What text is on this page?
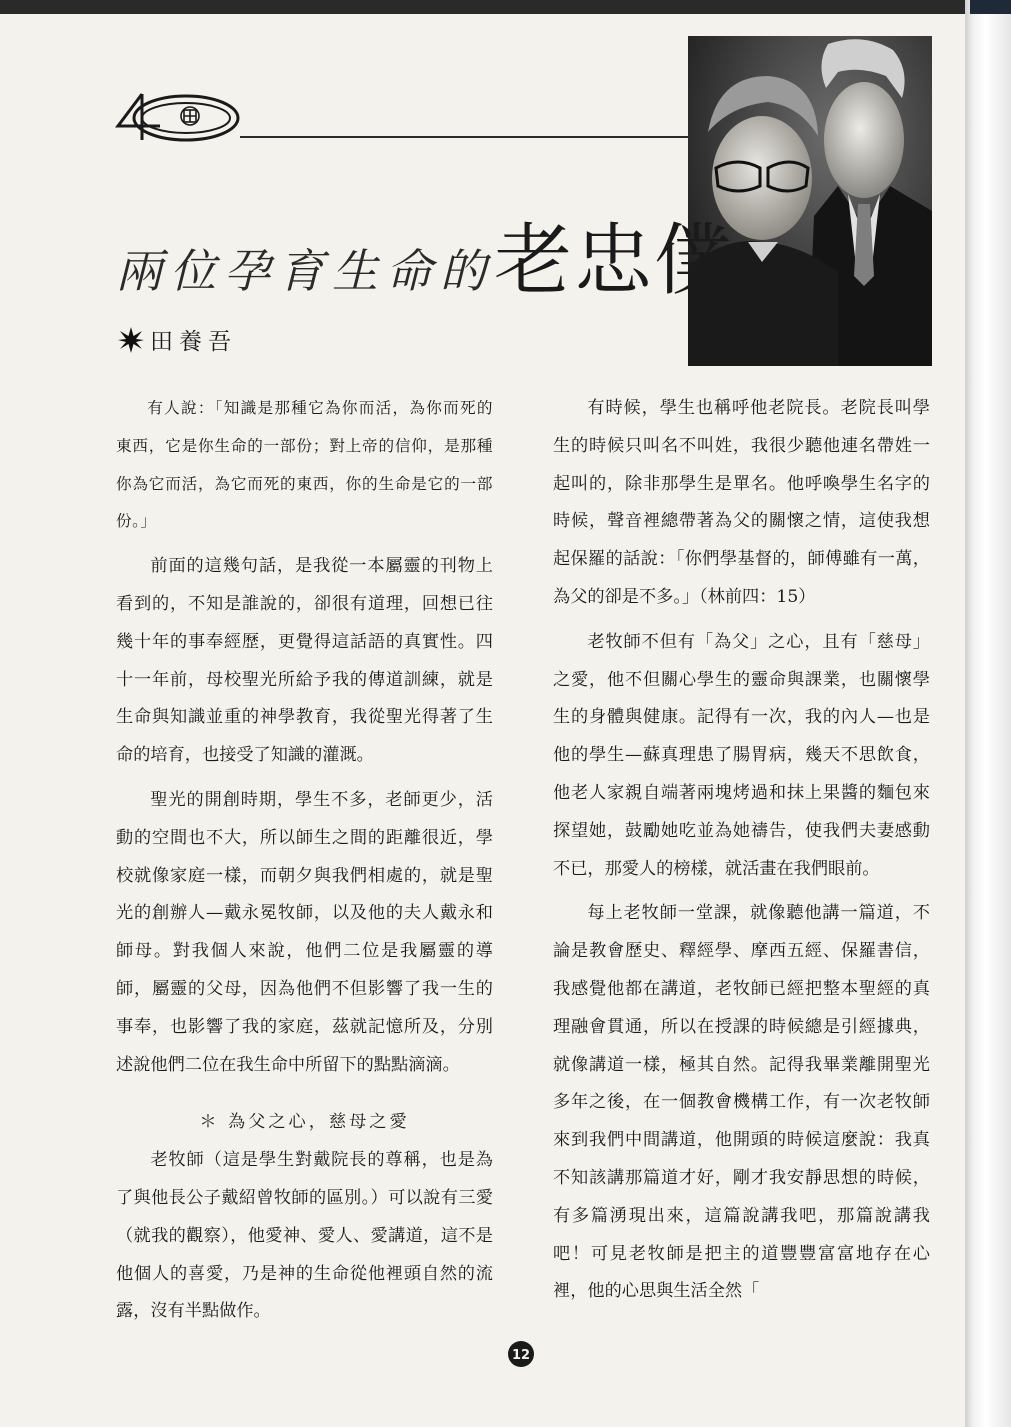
40
兩位孕育生命的老忠僕
田養吾

有人說：「知識是那種它為你而活，為你而死的東西，它是你生命的一部份；對上帝的信仰，是那種你為它而活，為它而死的東西，你的生命是它的一部份。」

前面的這幾句話，是我從一本屬靈的刊物上看到的，不知是誰說的，卻很有道理，回想已往幾十年的事奉經歷，更覺得這話語的真實性。四十一年前，母校聖光所給予我的傳道訓練，就是生命與知識並重的神學教育，我從聖光得著了生命的培育，也接受了知識的灌溉。

聖光的開創時期，學生不多，老師更少，活動的空間也不大，所以師生之間的距離很近，學校就像家庭一樣，而朝夕與我們相處的，就是聖光的創辦人—戴永冕牧師，以及他的夫人戴永和師母。對我個人來說，他們二位是我屬靈的導師，屬靈的父母，因為他們不但影響了我一生的事奉，也影響了我的家庭，茲就記憶所及，分別述說他們二位在我生命中所留下的點點滴滴。

＊ 為父之心，慈母之愛

老牧師（這是學生對戴院長的尊稱，也是為了與他長公子戴紹曾牧師的區別。）可以說有三愛（就我的觀察），他愛神、愛人、愛講道，這不是他個人的喜愛，乃是神的生命從他裡頭自然的流露，沒有半點做作。

有時候，學生也稱呼他老院長。老院長叫學生的時候只叫名不叫姓，我很少聽他連名帶姓一起叫的，除非那學生是單名。他呼喚學生名字的時候，聲音裡總帶著為父的關懷之情，這使我想起保羅的話說：「你們學基督的，師傅雖有一萬，為父的卻是不多。」（林前四：15）

老牧師不但有「為父」之心，且有「慈母」之愛，他不但關心學生的靈命與課業，也關懷學生的身體與健康。記得有一次，我的內人—也是他的學生—蘇真理患了腸胃病，幾天不思飲食，他老人家親自端著兩塊烤過和抹上果醬的麵包來探望她，鼓勵她吃並為她禱告，使我們夫妻感動不已，那愛人的榜樣，就活畫在我們眼前。

每上老牧師一堂課，就像聽他講一篇道，不論是教會歷史、釋經學、摩西五經、保羅書信，我感覺他都在講道，老牧師已經把整本聖經的真理融會貫通，所以在授課的時候總是引經據典，就像講道一樣，極其自然。記得我畢業離開聖光多年之後，在一個教會機構工作，有一次老牧師來到我們中間講道，他開頭的時候這麼說：我真不知該講那篇道才好，剛才我安靜思想的時候，有多篇湧現出來，這篇說講我吧，那篇說講我吧！可見老牧師是把主的道豐豐富富地存在心裡，他的心思與生活全然「

12
